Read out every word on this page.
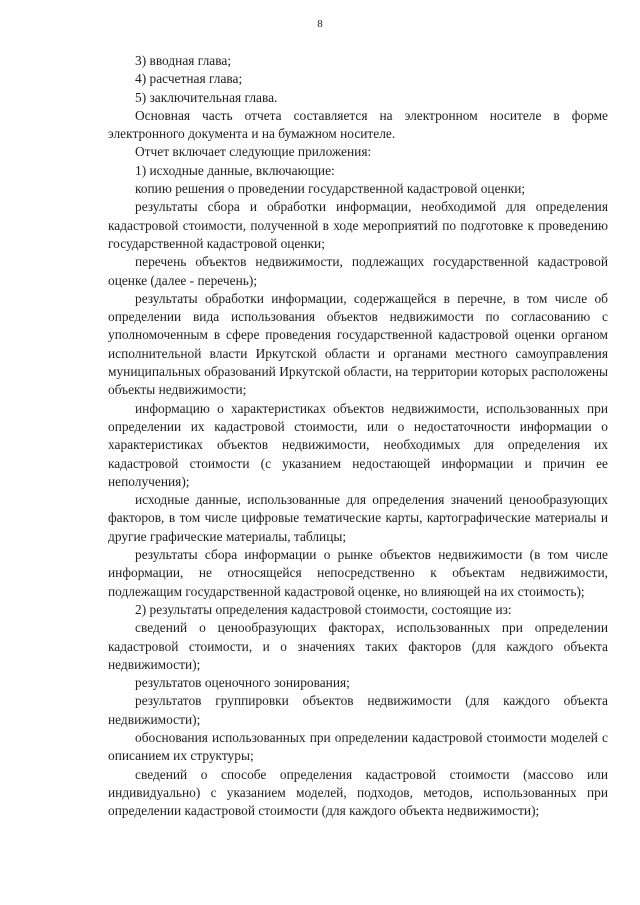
8

3) вводная глава;

4) расчетная глава;

5) заключительная глава.

Основная часть отчета составляется на электронном носителе в форме электронного документа и на бумажном носителе.

Отчет включает следующие приложения:

1) исходные данные, включающие:

копию решения о проведении государственной кадастровой оценки;

результаты сбора и обработки информации, необходимой для определения кадастровой стоимости, полученной в ходе мероприятий по подготовке к проведению государственной кадастровой оценки;

перечень объектов недвижимости, подлежащих государственной кадастровой оценке (далее - перечень);

результаты обработки информации, содержащейся в перечне, в том числе об определении вида использования объектов недвижимости по согласованию с уполномоченным в сфере проведения государственной кадастровой оценки органом исполнительной власти Иркутской области и органами местного самоуправления муниципальных образований Иркутской области, на территории которых расположены объекты недвижимости;

информацию о характеристиках объектов недвижимости, использованных при определении их кадастровой стоимости, или о недостаточности информации о характеристиках объектов недвижимости, необходимых для определения их кадастровой стоимости (с указанием недостающей информации и причин ее неполучения);

исходные данные, использованные для определения значений ценообразующих факторов, в том числе цифровые тематические карты, картографические материалы и другие графические материалы, таблицы;

результаты сбора информации о рынке объектов недвижимости (в том числе информации, не относящейся непосредственно к объектам недвижимости, подлежащим государственной кадастровой оценке, но влияющей на их стоимость);

2) результаты определения кадастровой стоимости, состоящие из:

сведений о ценообразующих факторах, использованных при определении кадастровой стоимости, и о значениях таких факторов (для каждого объекта недвижимости);

результатов оценочного зонирования;

результатов группировки объектов недвижимости (для каждого объекта недвижимости);

обоснования использованных при определении кадастровой стоимости моделей с описанием их структуры;

сведений о способе определения кадастровой стоимости (массово или индивидуально) с указанием моделей, подходов, методов, использованных при определении кадастровой стоимости (для каждого объекта недвижимости);
